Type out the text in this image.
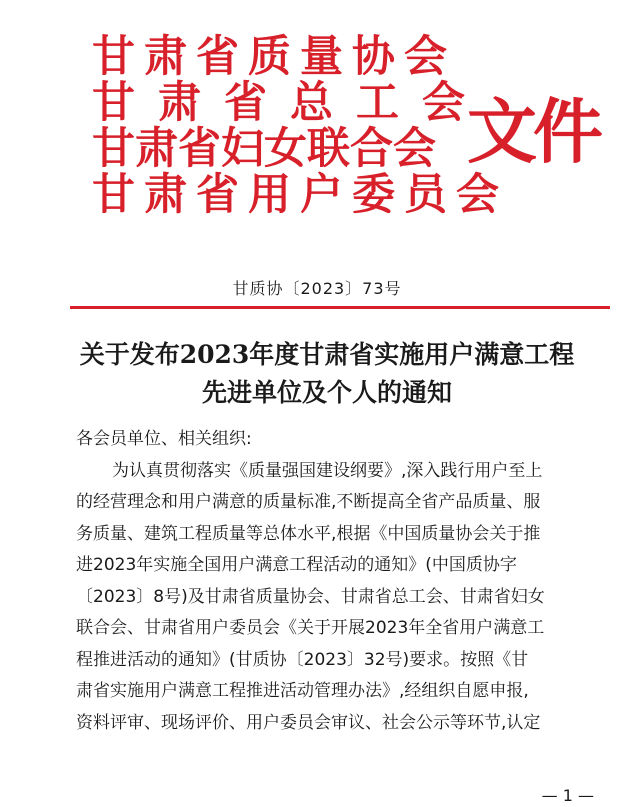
甘肃省质量协会
甘肃省总工会
甘肃省妇女联合会
甘肃省用户委员会
文件
甘质协〔2023〕73号
关于发布2023年度甘肃省实施用户满意工程
先进单位及个人的通知
各会员单位、相关组织:
为认真贯彻落实《质量强国建设纲要》,深入践行用户至上
的经营理念和用户满意的质量标准,不断提高全省产品质量、服
务质量、建筑工程质量等总体水平,根据《中国质量协会关于推
进2023年实施全国用户满意工程活动的通知》(中国质协字
〔2023〕8号)及甘肃省质量协会、甘肃省总工会、甘肃省妇女
联合会、甘肃省用户委员会《关于开展2023年全省用户满意工
程推进活动的通知》(甘质协〔2023〕32号)要求。按照《甘
肃省实施用户满意工程推进活动管理办法》,经组织自愿申报,
资料评审、现场评价、用户委员会审议、社会公示等环节,认定
— 1 —
